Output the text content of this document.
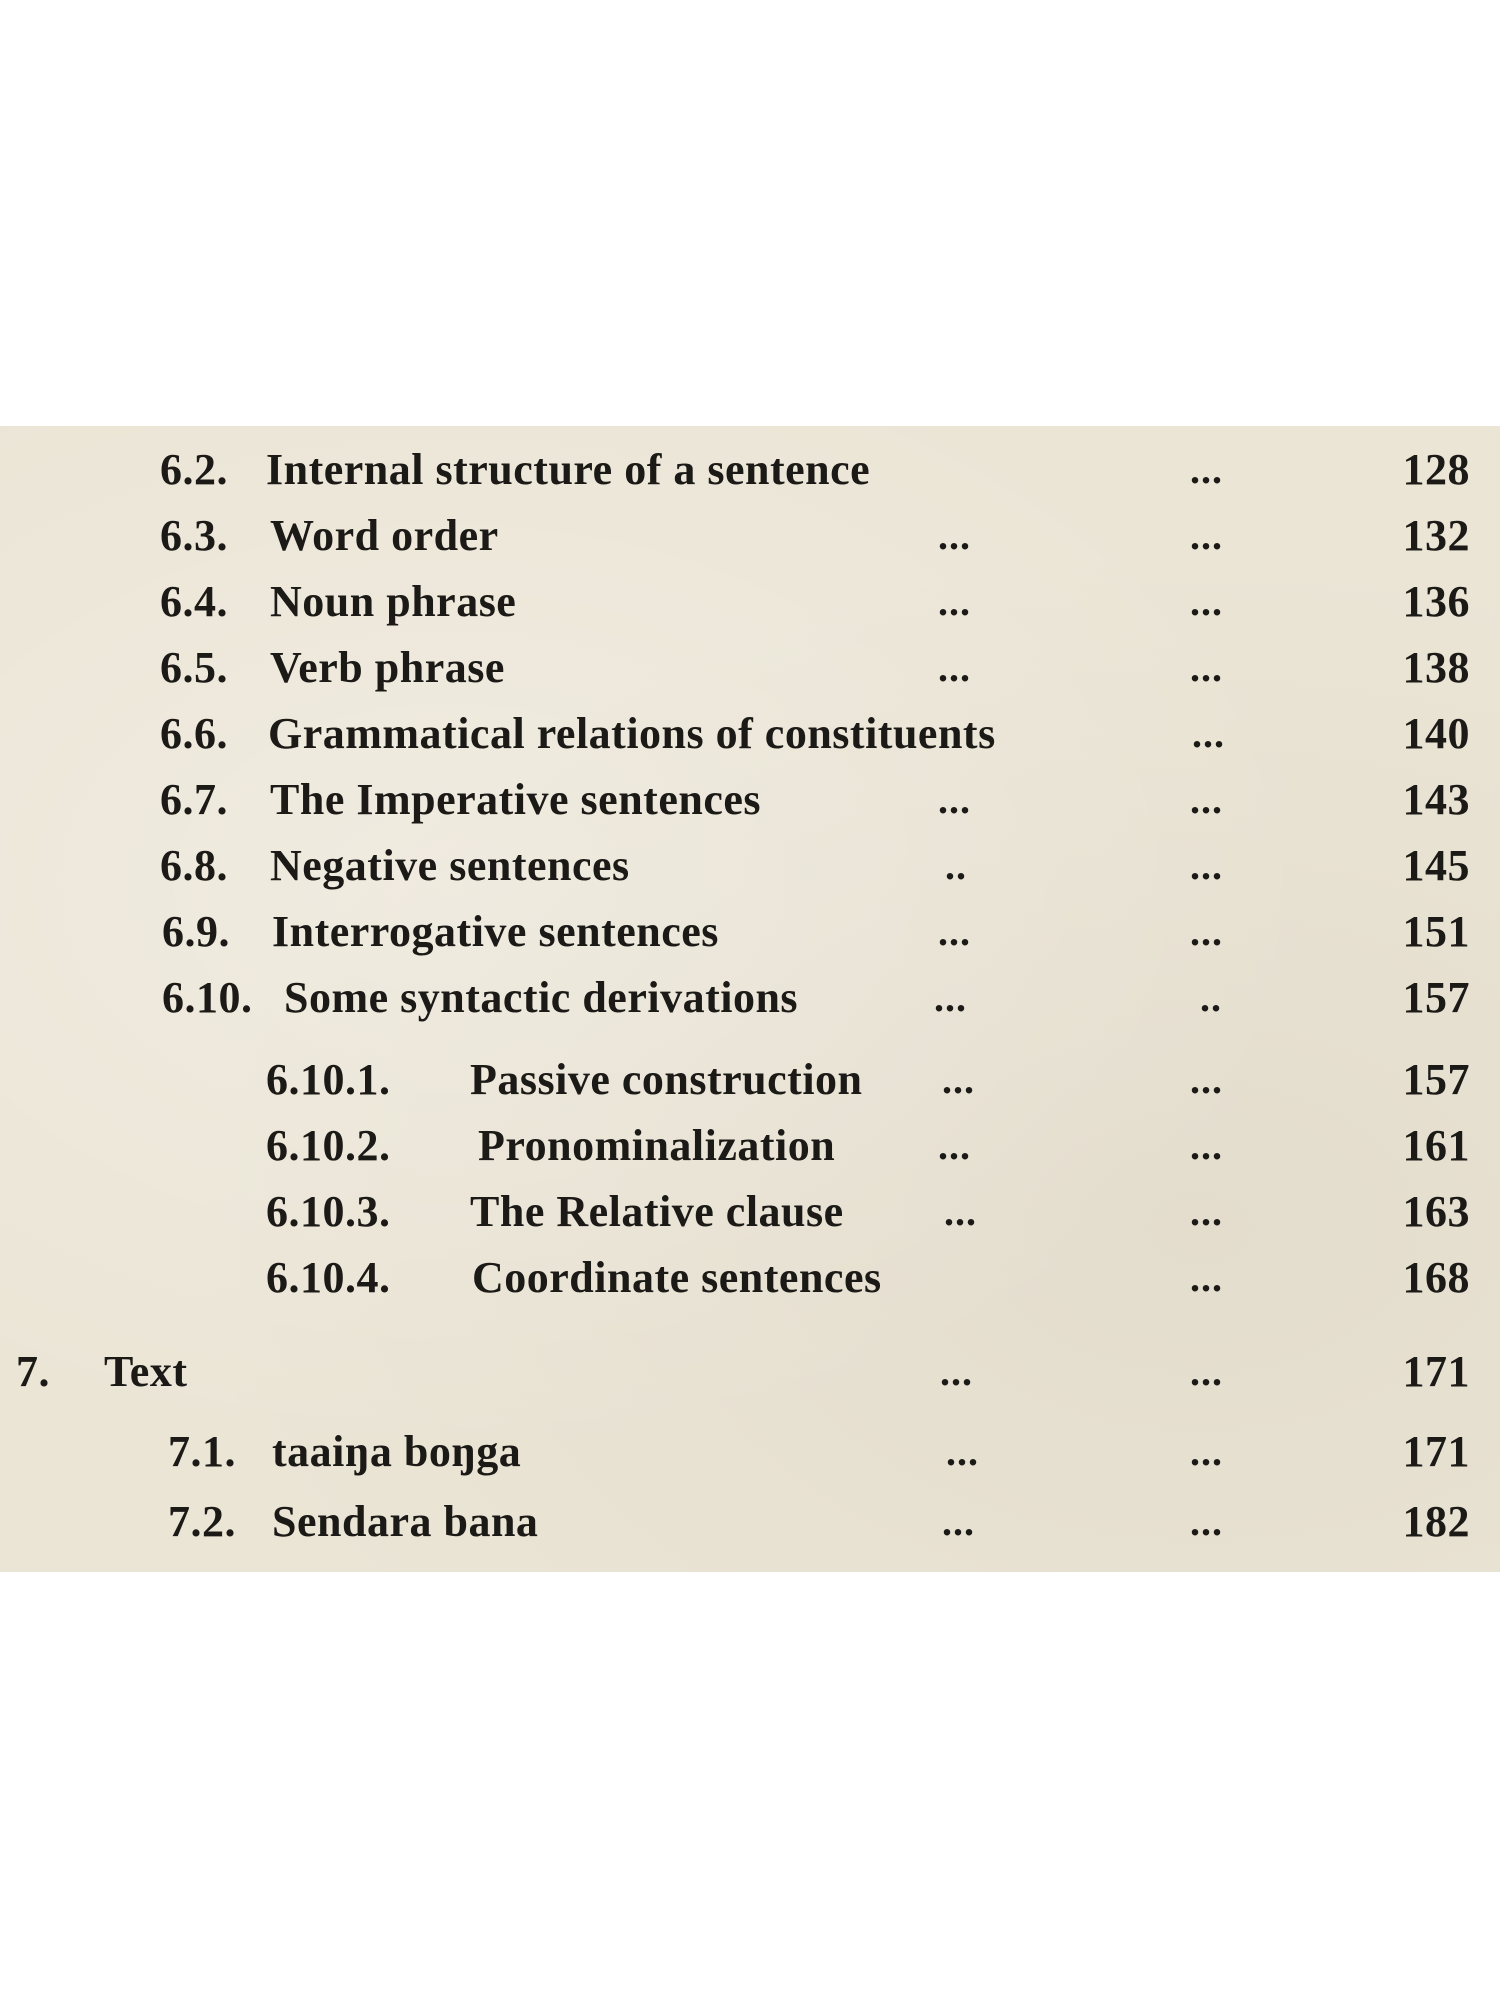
6.2. Internal structure of a sentence	...	128
6.3. Word order	...	...	132
6.4. Noun phrase	...	...	136
6.5. Verb phrase	...	...	138
6.6. Grammatical relations of constituents	...	140
6.7. The Imperative sentences	...	...	143
6.8. Negative sentences	..	...	145
6.9. Interrogative sentences	...	...	151
6.10. Some syntactic derivations	...	..	157
6.10.1. Passive construction ...	...	157
6.10.2. Pronominalization	...	...	161
6.10.3. The Relative clause	...	...	163
6.10.4. Coordinate sentences	...	168
7. Text	...	...	171
7.1. taaiŋa boŋga	...	...	171
7.2. Sendara bana	...	...	182
